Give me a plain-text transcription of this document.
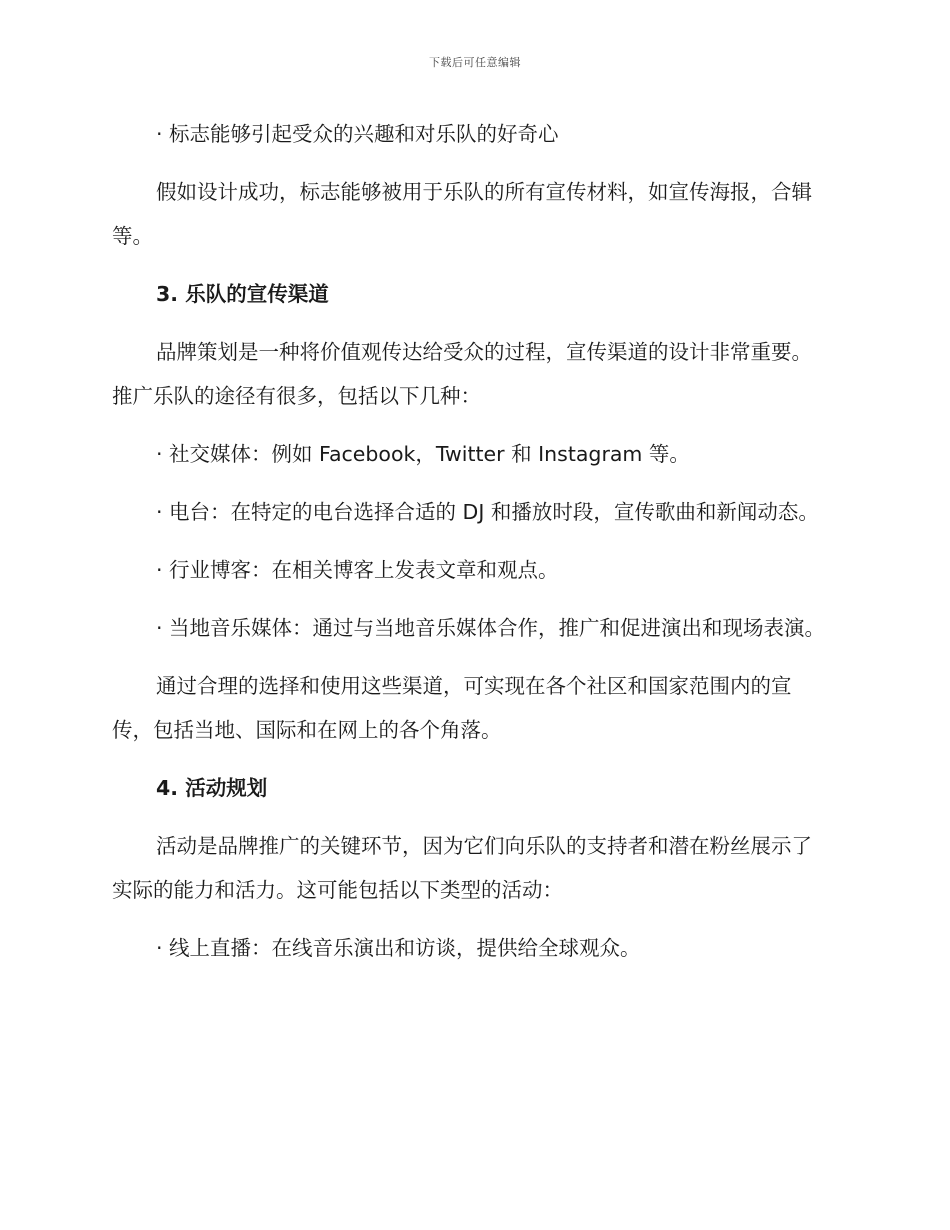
下载后可任意编辑

· 标志能够引起受众的兴趣和对乐队的好奇心

假如设计成功，标志能够被用于乐队的所有宣传材料，如宣传海报，合辑等。

3. 乐队的宣传渠道

品牌策划是一种将价值观传达给受众的过程，宣传渠道的设计非常重要。推广乐队的途径有很多，包括以下几种：

· 社交媒体：例如 Facebook，Twitter 和 Instagram 等。

· 电台：在特定的电台选择合适的 DJ 和播放时段，宣传歌曲和新闻动态。

· 行业博客：在相关博客上发表文章和观点。

· 当地音乐媒体：通过与当地音乐媒体合作，推广和促进演出和现场表演。

通过合理的选择和使用这些渠道，可实现在各个社区和国家范围内的宣传，包括当地、国际和在网上的各个角落。

4. 活动规划

活动是品牌推广的关键环节，因为它们向乐队的支持者和潜在粉丝展示了实际的能力和活力。这可能包括以下类型的活动：

· 线上直播：在线音乐演出和访谈，提供给全球观众。
